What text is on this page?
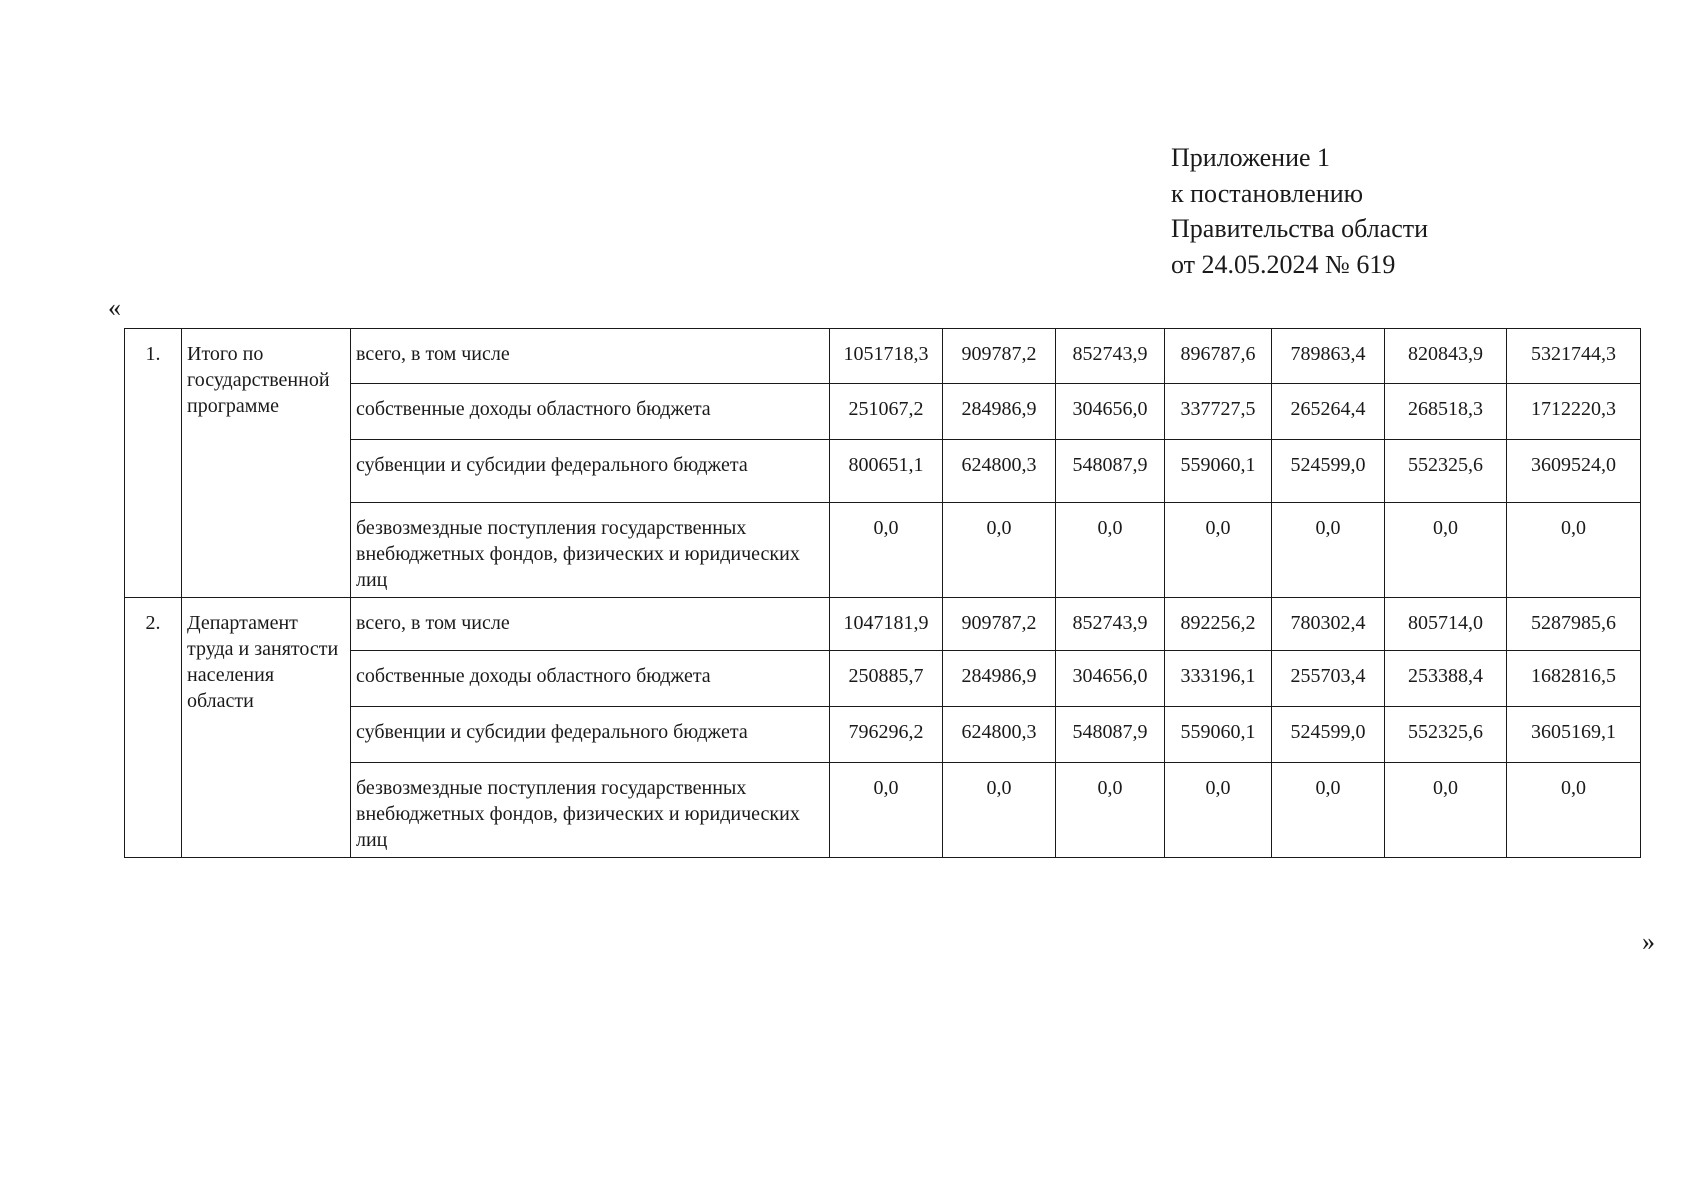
Приложение 1
к постановлению
Правительства области
от 24.05.2024 № 619
«
1.	Итого по государственной программе	всего, в том числе	1051718,3	909787,2	852743,9	896787,6	789863,4	820843,9	5321744,3
		собственные доходы областного бюджета	251067,2	284986,9	304656,0	337727,5	265264,4	268518,3	1712220,3
		субвенции и субсидии федерального бюджета	800651,1	624800,3	548087,9	559060,1	524599,0	552325,6	3609524,0
		безвозмездные поступления государственных внебюджетных фондов, физических и юридических лиц	0,0	0,0	0,0	0,0	0,0	0,0	0,0
2.	Департамент труда и занятости населения области	всего, в том числе	1047181,9	909787,2	852743,9	892256,2	780302,4	805714,0	5287985,6
		собственные доходы областного бюджета	250885,7	284986,9	304656,0	333196,1	255703,4	253388,4	1682816,5
		субвенции и субсидии федерального бюджета	796296,2	624800,3	548087,9	559060,1	524599,0	552325,6	3605169,1
		безвозмездные поступления государственных внебюджетных фондов, физических и юридических лиц	0,0	0,0	0,0	0,0	0,0	0,0	0,0
»
